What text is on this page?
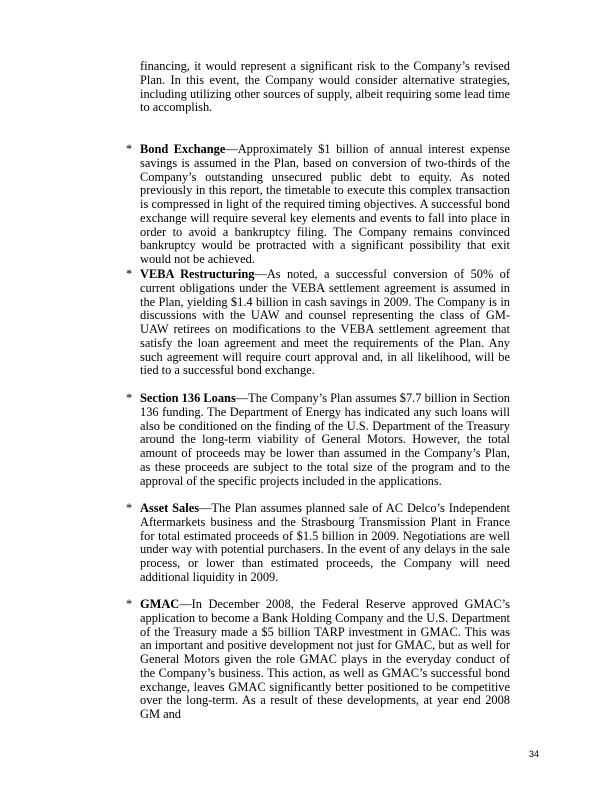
financing, it would represent a significant risk to the Company’s revised Plan. In this event, the Company would consider alternative strategies, including utilizing other sources of supply, albeit requiring some lead time to accomplish.

* Bond Exchange—Approximately $1 billion of annual interest expense savings is assumed in the Plan, based on conversion of two-thirds of the Company’s outstanding unsecured public debt to equity. As noted previously in this report, the timetable to execute this complex transaction is compressed in light of the required timing objectives. A successful bond exchange will require several key elements and events to fall into place in order to avoid a bankruptcy filing. The Company remains convinced bankruptcy would be protracted with a significant possibility that exit would not be achieved.

* VEBA Restructuring—As noted, a successful conversion of 50% of current obligations under the VEBA settlement agreement is assumed in the Plan, yielding $1.4 billion in cash savings in 2009. The Company is in discussions with the UAW and counsel representing the class of GM-UAW retirees on modifications to the VEBA settlement agreement that satisfy the loan agreement and meet the requirements of the Plan. Any such agreement will require court approval and, in all likelihood, will be tied to a successful bond exchange.

* Section 136 Loans—The Company’s Plan assumes $7.7 billion in Section 136 funding. The Department of Energy has indicated any such loans will also be conditioned on the finding of the U.S. Department of the Treasury around the long-term viability of General Motors. However, the total amount of proceeds may be lower than assumed in the Company’s Plan, as these proceeds are subject to the total size of the program and to the approval of the specific projects included in the applications.

* Asset Sales—The Plan assumes planned sale of AC Delco’s Independent Aftermarkets business and the Strasbourg Transmission Plant in France for total estimated proceeds of $1.5 billion in 2009. Negotiations are well under way with potential purchasers. In the event of any delays in the sale process, or lower than estimated proceeds, the Company will need additional liquidity in 2009.

* GMAC—In December 2008, the Federal Reserve approved GMAC’s application to become a Bank Holding Company and the U.S. Department of the Treasury made a $5 billion TARP investment in GMAC. This was an important and positive development not just for GMAC, but as well for General Motors given the role GMAC plays in the everyday conduct of the Company’s business. This action, as well as GMAC’s successful bond exchange, leaves GMAC significantly better positioned to be competitive over the long-term. As a result of these developments, at year end 2008 GM and

34
